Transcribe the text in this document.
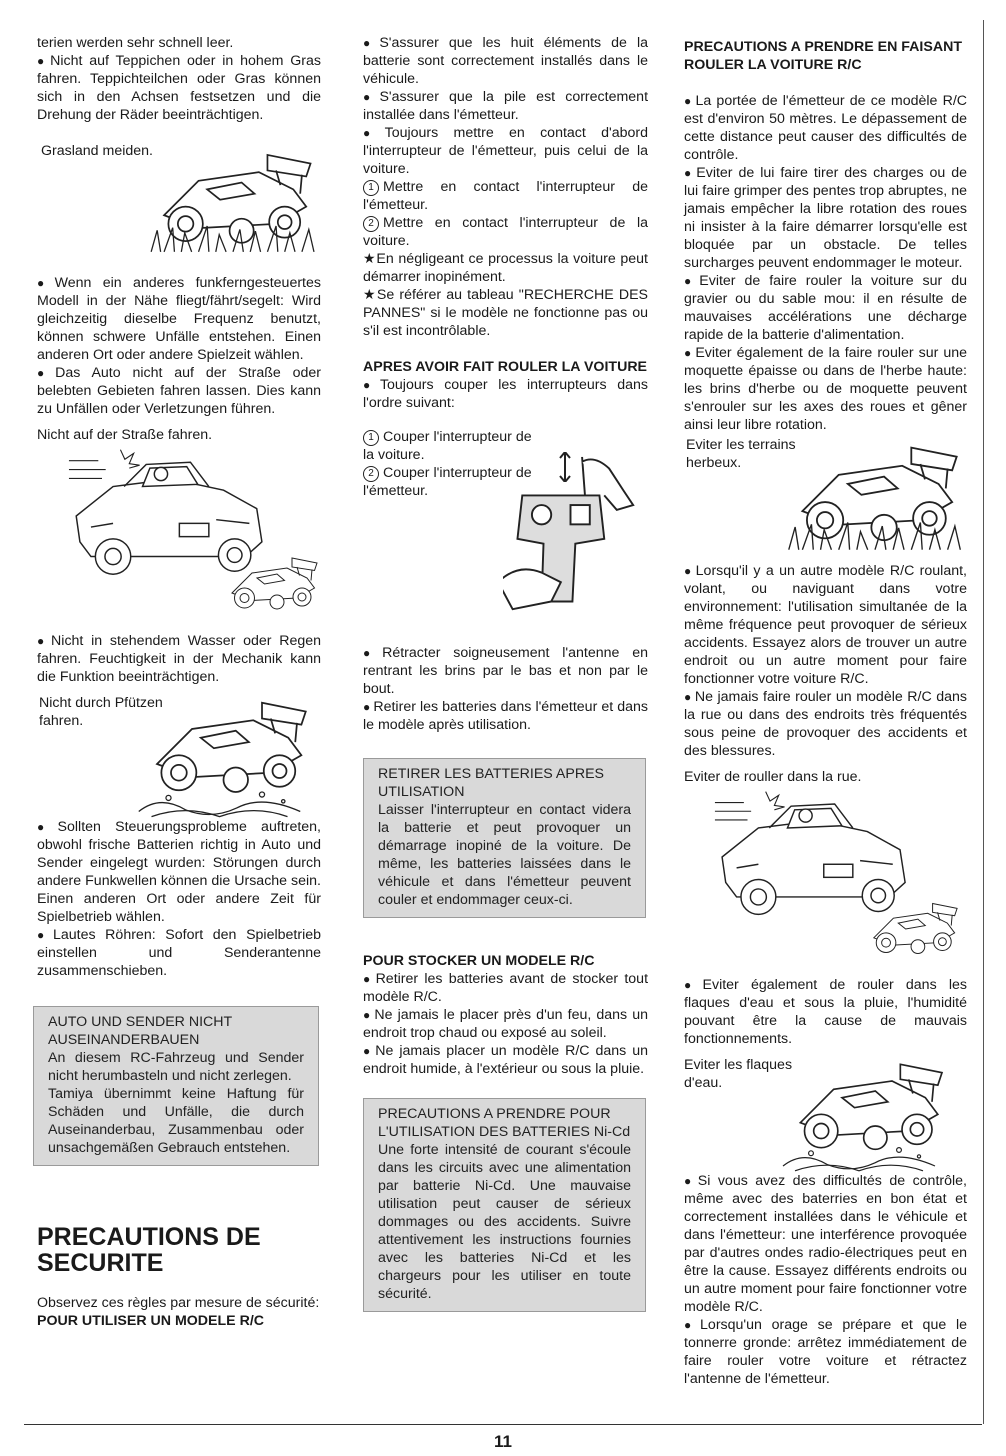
terien werden sehr schnell leer.

● Nicht auf Teppichen oder in hohem Gras fahren. Teppichteilchen oder Gras können sich in den Achsen festsetzen und die Drehung der Räder beeinträchtigen.

Grasland meiden.

● Wenn ein anderes funkferngesteuertes Modell in der Nähe fliegt/fährt/segelt: Wird gleichzeitig dieselbe Frequenz benutzt, können schwere Unfälle entstehen. Einen anderen Ort oder andere Spielzeit wählen.

● Das Auto nicht auf der Straße oder belebten Gebieten fahren lassen. Dies kann zu Unfällen oder Verletzungen führen.

Nicht auf der Straße fahren.

● Nicht in stehendem Wasser oder Regen fahren. Feuchtigkeit in der Mechanik kann die Funktion beeinträchtigen.

Nicht durch Pfützen fahren.

● Sollten Steuerungsprobleme auftreten, obwohl frische Batterien richtig in Auto und Sender eingelegt wurden: Störungen durch andere Funkwellen können die Ursache sein. Einen anderen Ort oder andere Zeit für Spielbetrieb wählen.

● Lautes Röhren: Sofort den Spielbetrieb einstellen und Senderantenne zusammenschieben.

AUTO UND SENDER NICHT AUSEINANDERBAUEN

An diesem RC-Fahrzeug und Sender nicht herumbasteln und nicht zerlegen.

Tamiya übernimmt keine Haftung für Schäden und Unfälle, die durch Auseinanderbau, Zusammenbau oder unsachgemäßen Gebrauch entstehen.

PRECAUTIONS DE SECURITE

Observez ces règles par mesure de sécurité:

POUR UTILISER UN MODELE R/C

● S'assurer que les huit éléments de la batterie sont correctement installés dans le véhicule.

● S'assurer que la pile est correctement installée dans l'émetteur.

● Toujours mettre en contact d'abord l'interrupteur de l'émetteur, puis celui de la voiture.

1 Mettre en contact l'interrupteur de l'émetteur.

2 Mettre en contact l'interrupteur de la voiture.

★En négligeant ce processus la voiture peut démarrer inopinément.

★Se référer au tableau "RECHERCHE DES PANNES" si le modèle ne fonctionne pas ou s'il est incontrôlable.

APRES AVOIR FAIT ROULER LA VOITURE

● Toujours couper les interrupteurs dans l'ordre suivant:

1 Couper l'interrupteur de la voiture.

2 Couper l'interrupteur de l'émetteur.

● Rétracter soigneusement l'antenne en rentrant les brins par le bas et non par le bout.

● Retirer les batteries dans l'émetteur et dans le modèle après utilisation.

RETIRER LES BATTERIES APRES UTILISATION

Laisser l'interrupteur en contact videra la batterie et peut provoquer un démarrage inopiné de la voiture. De même, les batteries laissées dans le véhicule et dans l'émetteur peuvent couler et endommager ceux-ci.

POUR STOCKER UN MODELE R/C

● Retirer les batteries avant de stocker tout modèle R/C.

● Ne jamais le placer près d'un feu, dans un endroit trop chaud ou exposé au soleil.

● Ne jamais placer un modèle R/C dans un endroit humide, à l'extérieur ou sous la pluie.

PRECAUTIONS A PRENDRE POUR L'UTILISATION DES BATTERIES Ni-Cd

Une forte intensité de courant s'écoule dans les circuits avec une alimentation par batterie Ni-Cd. Une mauvaise utilisation peut causer de sérieux dommages ou des accidents. Suivre attentivement les instructions fournies avec les batteries Ni-Cd et les chargeurs pour les utiliser en toute sécurité.

PRECAUTIONS A PRENDRE EN FAISANT ROULER LA VOITURE R/C

● La portée de l'émetteur de ce modèle R/C est d'environ 50 mètres. Le dépassement de cette distance peut causer des difficultés de contrôle.

● Eviter de lui faire tirer des charges ou de lui faire grimper des pentes trop abruptes, ne jamais empêcher la libre rotation des roues ni insister à la faire démarrer lorsqu'elle est bloquée par un obstacle. De telles surcharges peuvent endommager le moteur.

● Eviter de faire rouler la voiture sur du gravier ou du sable mou: il en résulte de mauvaises accélérations une décharge rapide de la batterie d'alimentation.

● Eviter également de la faire rouler sur une moquette épaisse ou dans de l'herbe haute: les brins d'herbe ou de moquette peuvent s'enrouler sur les axes des roues et gêner ainsi leur libre rotation.

Eviter les terrains herbeux.

● Lorsqu'il y a un autre modèle R/C roulant, volant, ou naviguant dans votre environnement: l'utilisation simultanée de la même fréquence peut provoquer de sérieux accidents. Essayez alors de trouver un autre endroit ou un autre moment pour faire fonctionner votre voiture R/C.

● Ne jamais faire rouler un modèle R/C dans la rue ou dans des endroits très fréquentés sous peine de provoquer des accidents et des blessures.

Eviter de rouller dans la rue.

● Eviter également de rouler dans les flaques d'eau et sous la pluie, l'humidité pouvant être la cause de mauvais fonctionnements.

Eviter les flaques d'eau.

● Si vous avez des difficultés de contrôle, même avec des baterries en bon état et correctement installées dans le véhicule et dans l'émetteur: une interférence provoquée par d'autres ondes radio-électriques peut en être la cause. Essayez différents endroits ou un autre moment pour faire fonctionner votre modèle R/C.

● Lorsqu'un orage se prépare et que le tonnerre gronde: arrêtez immédiatement de faire rouler votre voiture et rétractez l'antenne de l'émetteur.

11
